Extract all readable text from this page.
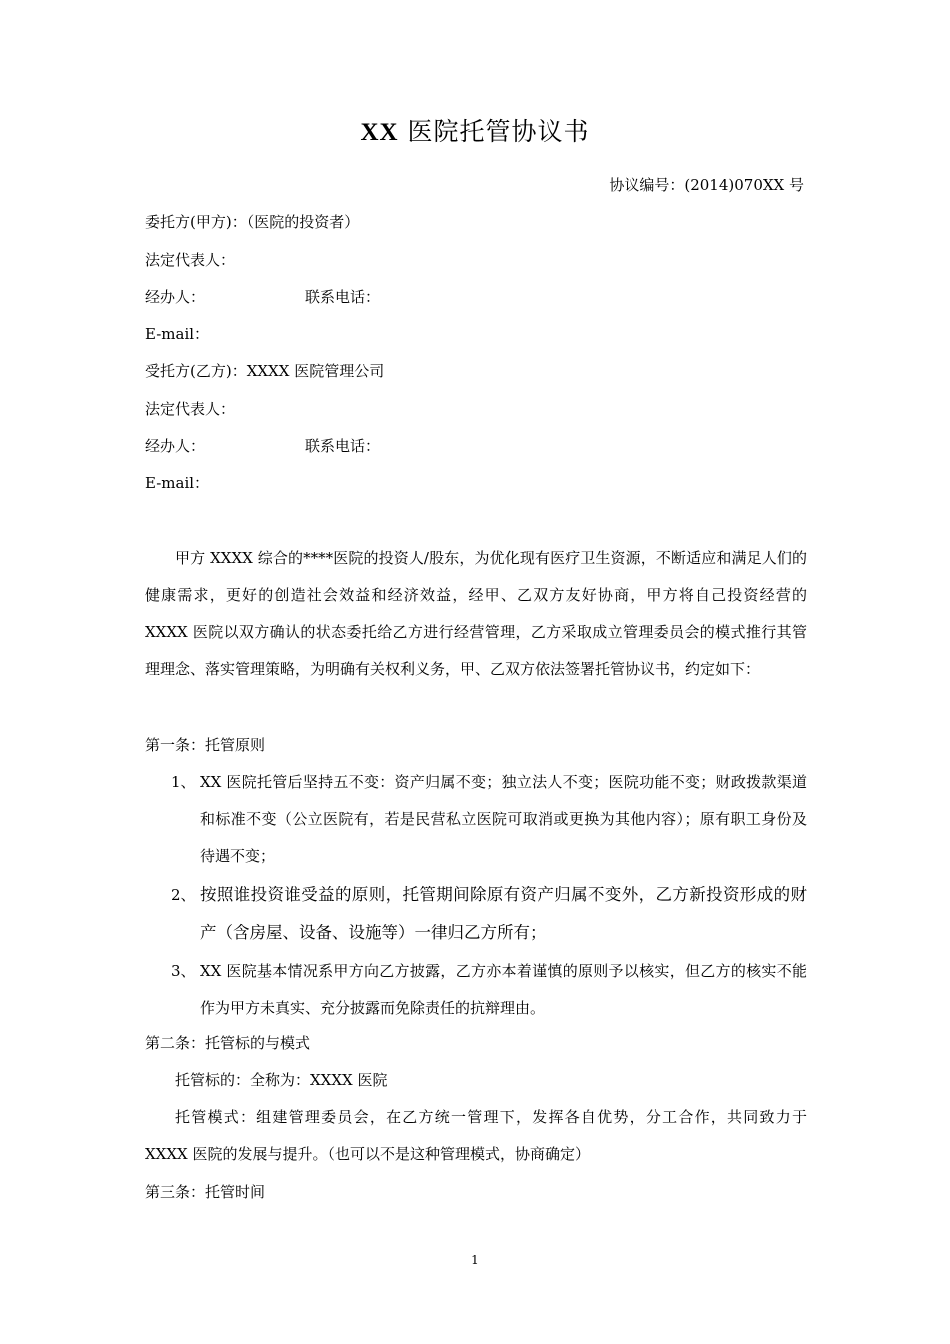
XX 医院托管协议书
协议编号：(2014)070XX 号
委托方(甲方)：（医院的投资者）
法定代表人：
经办人：	联系电话：
E-mail：
受托方(乙方)：XXXX 医院管理公司
法定代表人：
经办人：	联系电话：
E-mail：
甲方 XXXX 综合的****医院的投资人/股东，为优化现有医疗卫生资源，不断适应和满足人们的健康需求，更好的创造社会效益和经济效益，经甲、乙双方友好协商，甲方将自己投资经营的 XXXX 医院以双方确认的状态委托给乙方进行经营管理，乙方采取成立管理委员会的模式推行其管理理念、落实管理策略，为明确有关权利义务，甲、乙双方依法签署托管协议书，约定如下：
第一条：托管原则
1、 XX 医院托管后坚持五不变：资产归属不变；独立法人不变；医院功能不变；财政拨款渠道和标准不变（公立医院有，若是民营私立医院可取消或更换为其他内容）；原有职工身份及待遇不变；
2、 按照谁投资谁受益的原则，托管期间除原有资产归属不变外，乙方新投资形成的财产（含房屋、设备、设施等）一律归乙方所有；
3、 XX 医院基本情况系甲方向乙方披露，乙方亦本着谨慎的原则予以核实，但乙方的核实不能作为甲方未真实、充分披露而免除责任的抗辩理由。
第二条：托管标的与模式
托管标的：全称为：XXXX 医院
托管模式：组建管理委员会，在乙方统一管理下，发挥各自优势，分工合作，共同致力于 XXXX 医院的发展与提升。（也可以不是这种管理模式，协商确定）
第三条：托管时间
1
